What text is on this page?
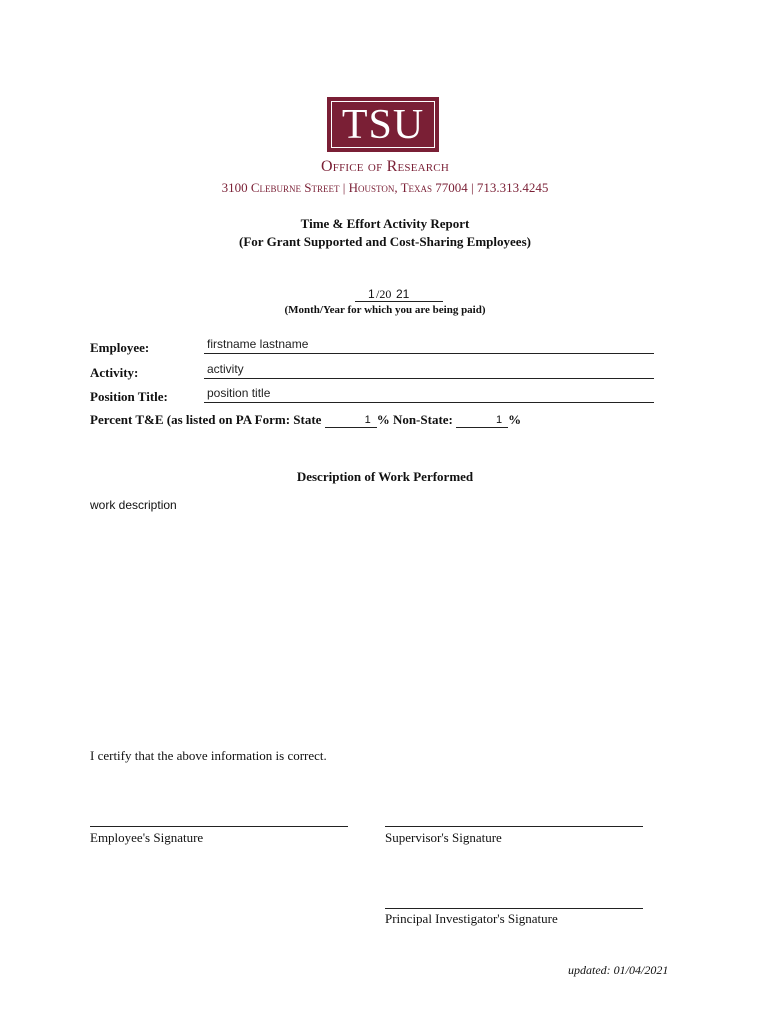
TSU
Office of Research
3100 Cleburne Street | Houston, Texas 77004 | 713.313.4245
Time & Effort Activity Report
(For Grant Supported and Cost-Sharing Employees)
1 /20 21
(Month/Year for which you are being paid)
Employee:	firstname lastname
Activity:	activity
Position Title:	position title
Percent T&E (as listed on PA Form: State	1 % Non-State:	1 %
Description of Work Performed
work description
I certify that the above information is correct.
Employee's Signature	Supervisor's Signature
Principal Investigator's Signature
updated: 01/04/2021
